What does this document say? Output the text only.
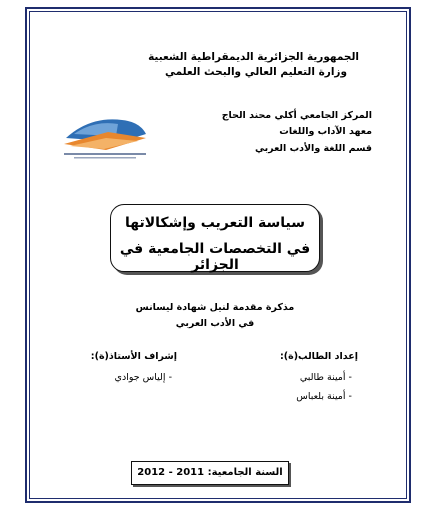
الجمهورية الجزائرية الديمقراطية الشعبية
وزارة التعليم العالي والبحث العلمي
المركز الجامعي أكلي محند الحاج
معهد الآداب واللغات
قسم اللغة والأدب العربي
سياسة التعريب وإشكالاتها
في التخصصات الجامعية في الجزائر
مذكرة مقدمة لنيل شهادة ليسانس
في الأدب العربي
إعداد الطالب(ة):
- أمينة طالبي
- أمينة بلعباس
إشراف الأستاذ(ة):
- إلياس جوادي
السنة الجامعية: 2011 - 2012
